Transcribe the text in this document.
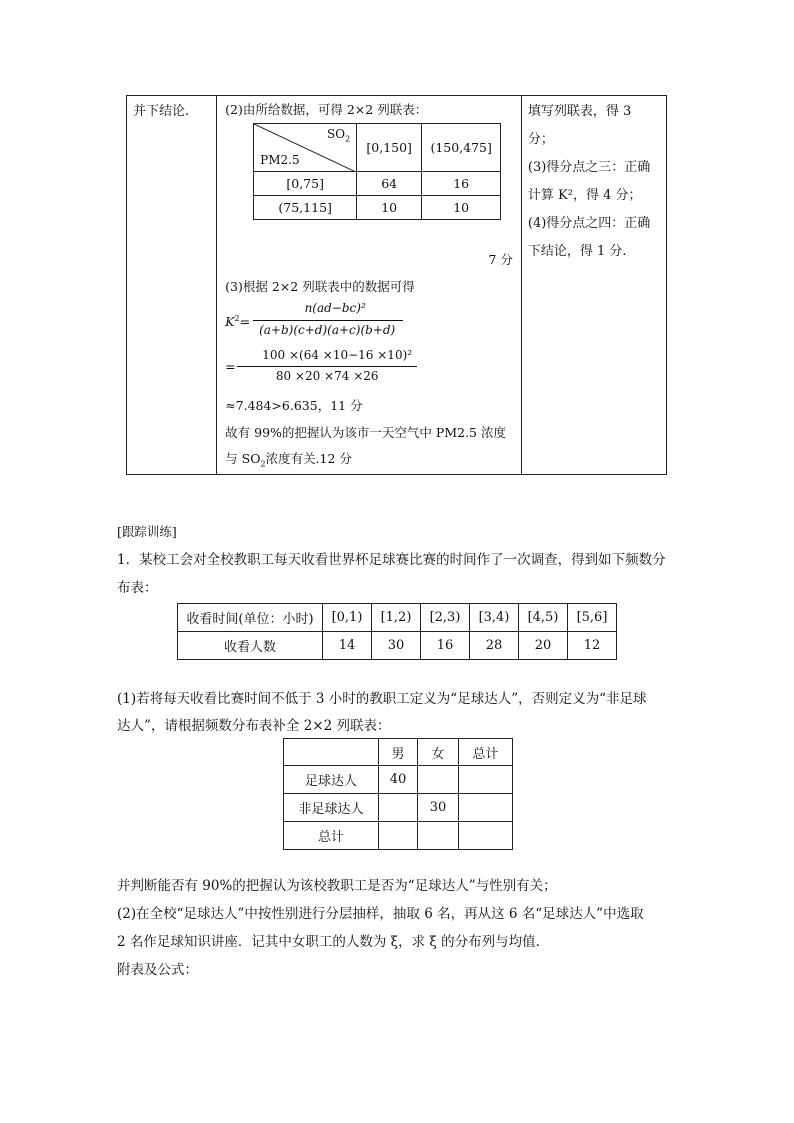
并下结论.	(2)由所给数据，可得 2×2 列联表：
$SO_2$
PM2.5
	[0,150]	(150,475]
[0,75]	64	16
(75,115]	10	10
7 分
(3)根据 2×2 列联表中的数据可得
$K^2=$
n(ad−bc)²
(a+b)(c+d)(a+c)(b+d)
=
100 ×(64 ×10−16 ×10)²
80 ×20 ×74 ×26
≈7.484>6.635，11 分
故有 99%的把握认为该市一天空气中 PM2.5 浓度
与 $SO_2$浓度有关.12 分

填写列联表，得 3 分；
(3)得分点之三：正确
计算 K²，得 4 分；
(4)得分点之四：正确
下结论，得 1 分.
[跟踪训练]
1．某校工会对全校教职工每天收看世界杯足球赛比赛的时间作了一次调查，得到如下频数分
布表：
收看时间(单位：小时)	[0,1)	[1,2)	[2,3)	[3,4)	[4,5)	[5,6]
收看人数	14	30	16	28	20	12
(1)若将每天收看比赛时间不低于 3 小时的教职工定义为“足球达人”，否则定义为“非足球
达人”，请根据频数分布表补全 2×2 列联表：
	男	女	总计
足球达人	40		
非足球达人		30	
总计			
并判断能否有 90%的把握认为该校教职工是否为“足球达人”与性别有关；
(2)在全校“足球达人”中按性别进行分层抽样，抽取 6 名，再从这 6 名“足球达人”中选取
2 名作足球知识讲座．记其中女职工的人数为 ξ，求 ξ 的分布列与均值．
附表及公式：
